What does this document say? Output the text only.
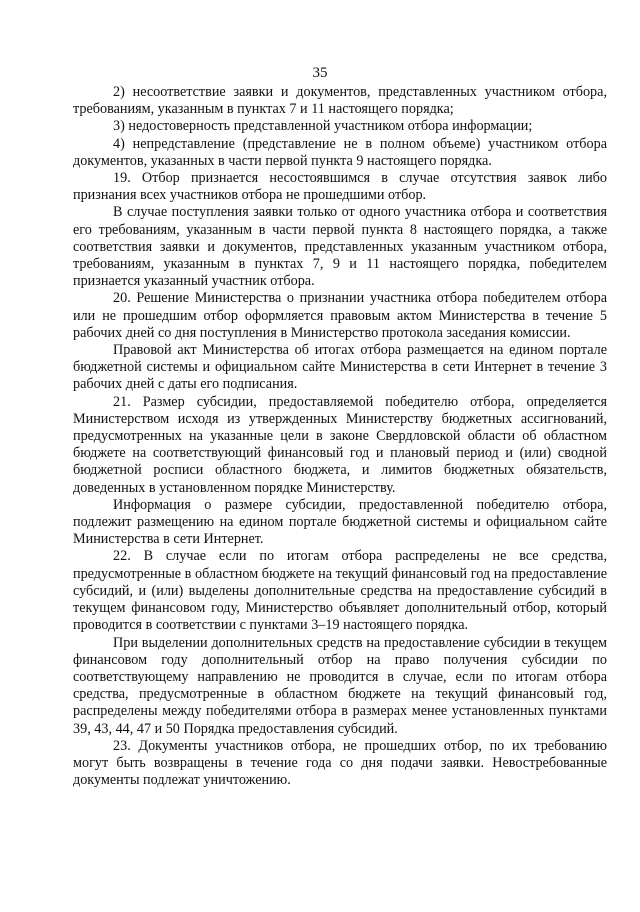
35

2) несоответствие заявки и документов, представленных участником отбора, требованиям, указанным в пунктах 7 и 11 настоящего порядка;

3) недостоверность представленной участником отбора информации;

4) непредставление (представление не в полном объеме) участником отбора документов, указанных в части первой пункта 9 настоящего порядка.

19. Отбор признается несостоявшимся в случае отсутствия заявок либо признания всех участников отбора не прошедшими отбор.

В случае поступления заявки только от одного участника отбора и соответствия его требованиям, указанным в части первой пункта 8 настоящего порядка, а также соответствия заявки и документов, представленных указанным участником отбора, требованиям, указанным в пунктах 7, 9 и 11 настоящего порядка, победителем признается указанный участник отбора.

20. Решение Министерства о признании участника отбора победителем отбора или не прошедшим отбор оформляется правовым актом Министерства в течение 5 рабочих дней со дня поступления в Министерство протокола заседания комиссии.

Правовой акт Министерства об итогах отбора размещается на едином портале бюджетной системы и официальном сайте Министерства в сети Интернет в течение 3 рабочих дней с даты его подписания.

21. Размер субсидии, предоставляемой победителю отбора, определяется Министерством исходя из утвержденных Министерству бюджетных ассигнований, предусмотренных на указанные цели в законе Свердловской области об областном бюджете на соответствующий финансовый год и плановый период и (или) сводной бюджетной росписи областного бюджета, и лимитов бюджетных обязательств, доведенных в установленном порядке Министерству.

Информация о размере субсидии, предоставленной победителю отбора, подлежит размещению на едином портале бюджетной системы и официальном сайте Министерства в сети Интернет.

22. В случае если по итогам отбора распределены не все средства, предусмотренные в областном бюджете на текущий финансовый год на предоставление субсидий, и (или) выделены дополнительные средства на предоставление субсидий в текущем финансовом году, Министерство объявляет дополнительный отбор, который проводится в соответствии с пунктами 3–19 настоящего порядка.

При выделении дополнительных средств на предоставление субсидии в текущем финансовом году дополнительный отбор на право получения субсидии по соответствующему направлению не проводится в случае, если по итогам отбора средства, предусмотренные в областном бюджете на текущий финансовый год, распределены между победителями отбора в размерах менее установленных пунктами 39, 43, 44, 47 и 50 Порядка предоставления субсидий.

23. Документы участников отбора, не прошедших отбор, по их требованию могут быть возвращены в течение года со дня подачи заявки. Невостребованные документы подлежат уничтожению.
